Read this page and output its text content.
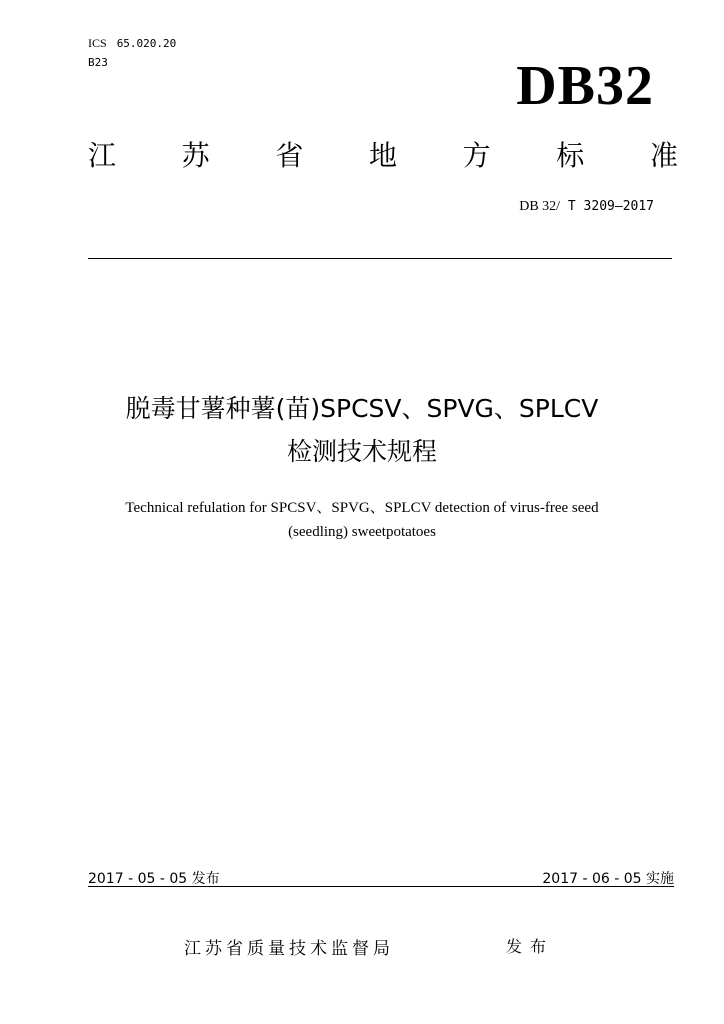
ICS 65.020.20
B23	DB32
江 苏 省 地 方 标 准
DB 32/ T 3209—2017
脱毒甘薯种薯(苗)SPCSV、SPVG、SPLCV
检测技术规程
Technical refulation for SPCSV、SPVG、SPLCV detection of virus-free seed
(seedling) sweetpotatoes
2017 - 05 - 05 发布	2017 - 06 - 05 实施
江苏省质量技术监督局	发布
